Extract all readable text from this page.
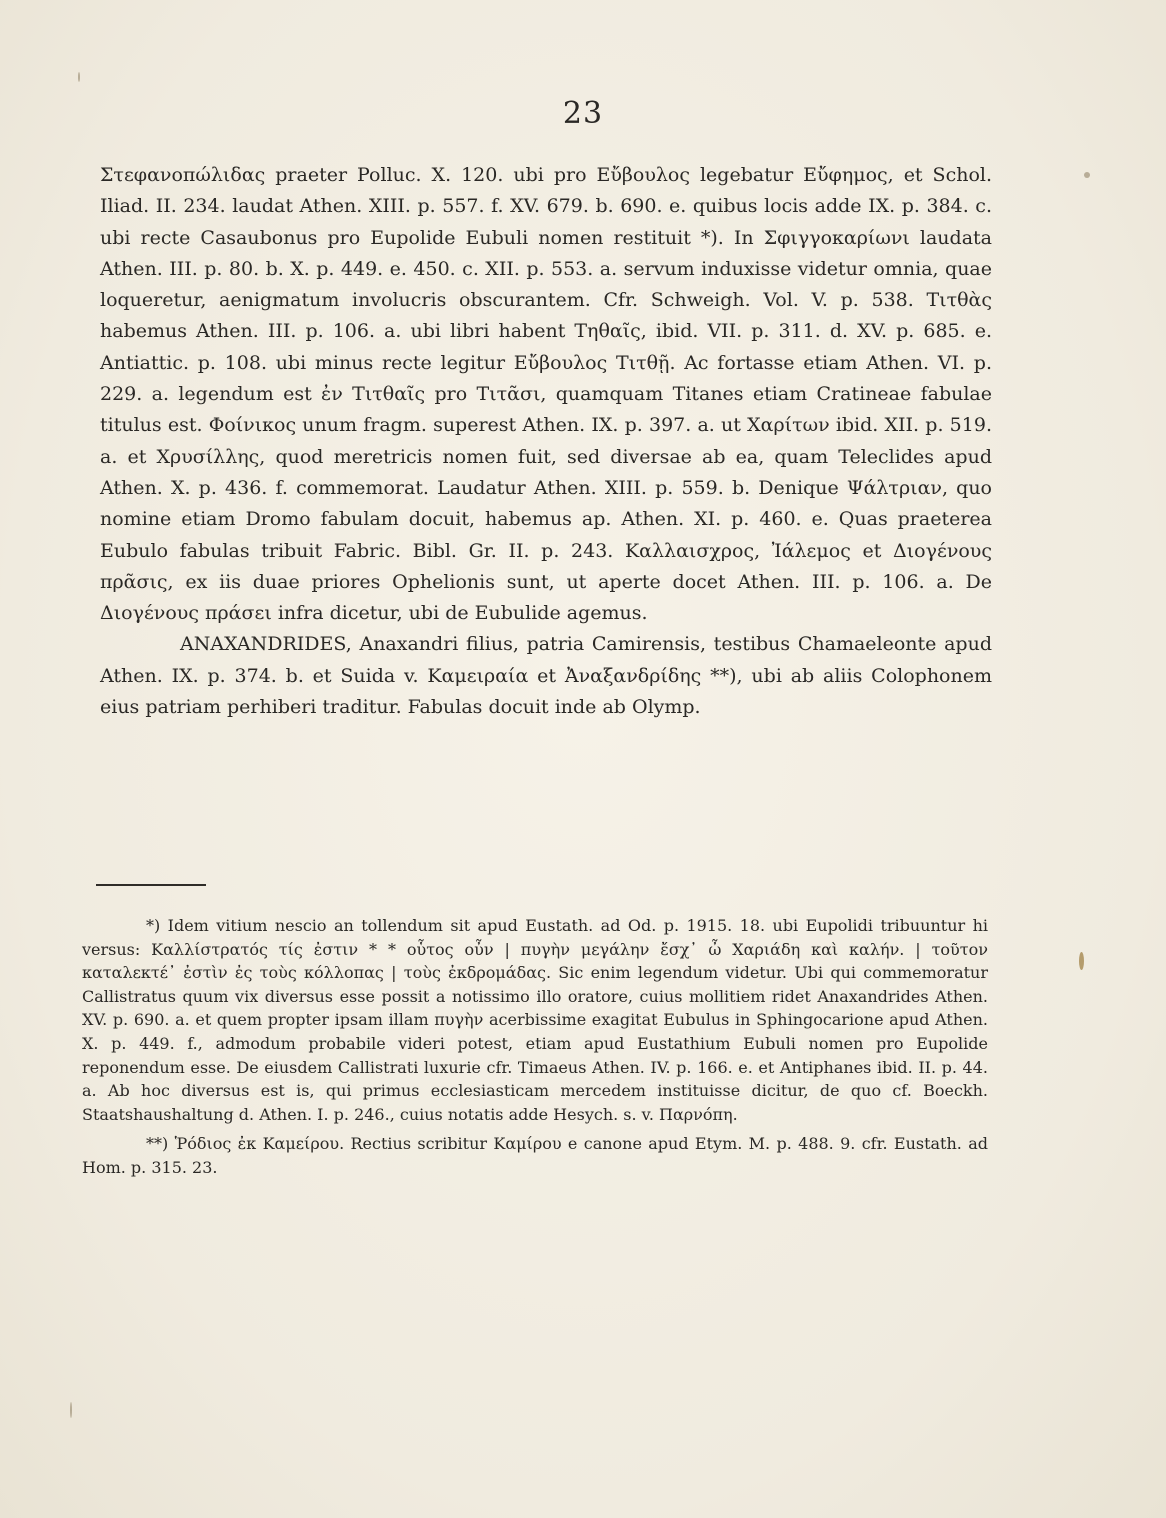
23

Στεφανοπώλιδας praeter Polluc. X. 120. ubi pro Εὔβουλος legebatur Εὔφημος, et Schol. Iliad. II. 234. laudat Athen. XIII. p. 557. f. XV. 679. b. 690. e. quibus locis adde IX. p. 384. c. ubi recte Casaubonus pro Eupolide Eubuli nomen restituit *). In Σφιγγοκαρίωνι laudata Athen. III. p. 80. b. X. p. 449. e. 450. c. XII. p. 553. a. servum induxisse videtur omnia, quae loqueretur, aenigmatum involucris obscurantem. Cfr. Schweigh. Vol. V. p. 538. Τιτθὰς habemus Athen. III. p. 106. a. ubi libri habent Τηθαῖς, ibid. VII. p. 311. d. XV. p. 685. e. Antiattic. p. 108. ubi minus recte legitur Εὔβουλος Τιτθῇ. Ac fortasse etiam Athen. VI. p. 229. a. legendum est ἐν Τιτθαῖς pro Τιτᾶσι, quamquam Titanes etiam Cratineae fabulae titulus est. Φοίνικος unum fragm. superest Athen. IX. p. 397. a. ut Χαρίτων ibid. XII. p. 519. a. et Χρυσίλλης, quod meretricis nomen fuit, sed diversae ab ea, quam Teleclides apud Athen. X. p. 436. f. commemorat. Laudatur Athen. XIII. p. 559. b. Denique Ψάλτριαν, quo nomine etiam Dromo fabulam docuit, habemus ap. Athen. XI. p. 460. e. Quas praeterea Eubulo fabulas tribuit Fabric. Bibl. Gr. II. p. 243. Καλλαισχρος, Ἰάλεμος et Διογένους πρᾶσις, ex iis duae priores Ophelionis sunt, ut aperte docet Athen. III. p. 106. a. De Διογένους πράσει infra dicetur, ubi de Eubulide agemus.

ANAXANDRIDES, Anaxandri filius, patria Camirensis, testibus Chamaeleonte apud Athen. IX. p. 374. b. et Suida v. Καμειραία et Ἀναξανδρίδης **), ubi ab aliis Colophonem eius patriam perhiberi traditur. Fabulas docuit inde ab Olymp.

*) Idem vitium nescio an tollendum sit apud Eustath. ad Od. p. 1915. 18. ubi Eupolidi tribuuntur hi versus: Καλλίστρατός τίς ἐστιν * * οὗτος οὖν | πυγὴν μεγάλην ἔσχ᾽ ὦ Χαριάδη καὶ καλήν. | τοῦτον καταλεκτέ᾽ ἐστὶν ἐς τοὺς κόλλοπας | τοὺς ἐκδρομάδας. Sic enim legendum videtur. Ubi qui commemoratur Callistratus quum vix diversus esse possit a notissimo illo oratore, cuius mollitiem ridet Anaxandrides Athen. XV. p. 690. a. et quem propter ipsam illam πυγὴν acerbissime exagitat Eubulus in Sphingocarione apud Athen. X. p. 449. f., admodum probabile videri potest, etiam apud Eustathium Eubuli nomen pro Eupolide reponendum esse. De eiusdem Callistrati luxurie cfr. Timaeus Athen. IV. p. 166. e. et Antiphanes ibid. II. p. 44. a. Ab hoc diversus est is, qui primus ecclesiasticam mercedem instituisse dicitur, de quo cf. Boeckh. Staatshaushaltung d. Athen. I. p. 246., cuius notatis adde Hesych. s. v. Παρνόπη.

**) Ῥόδιος ἐκ Καμείρου. Rectius scribitur Καμίρου e canone apud Etym. M. p. 488. 9. cfr. Eustath. ad Hom. p. 315. 23.
